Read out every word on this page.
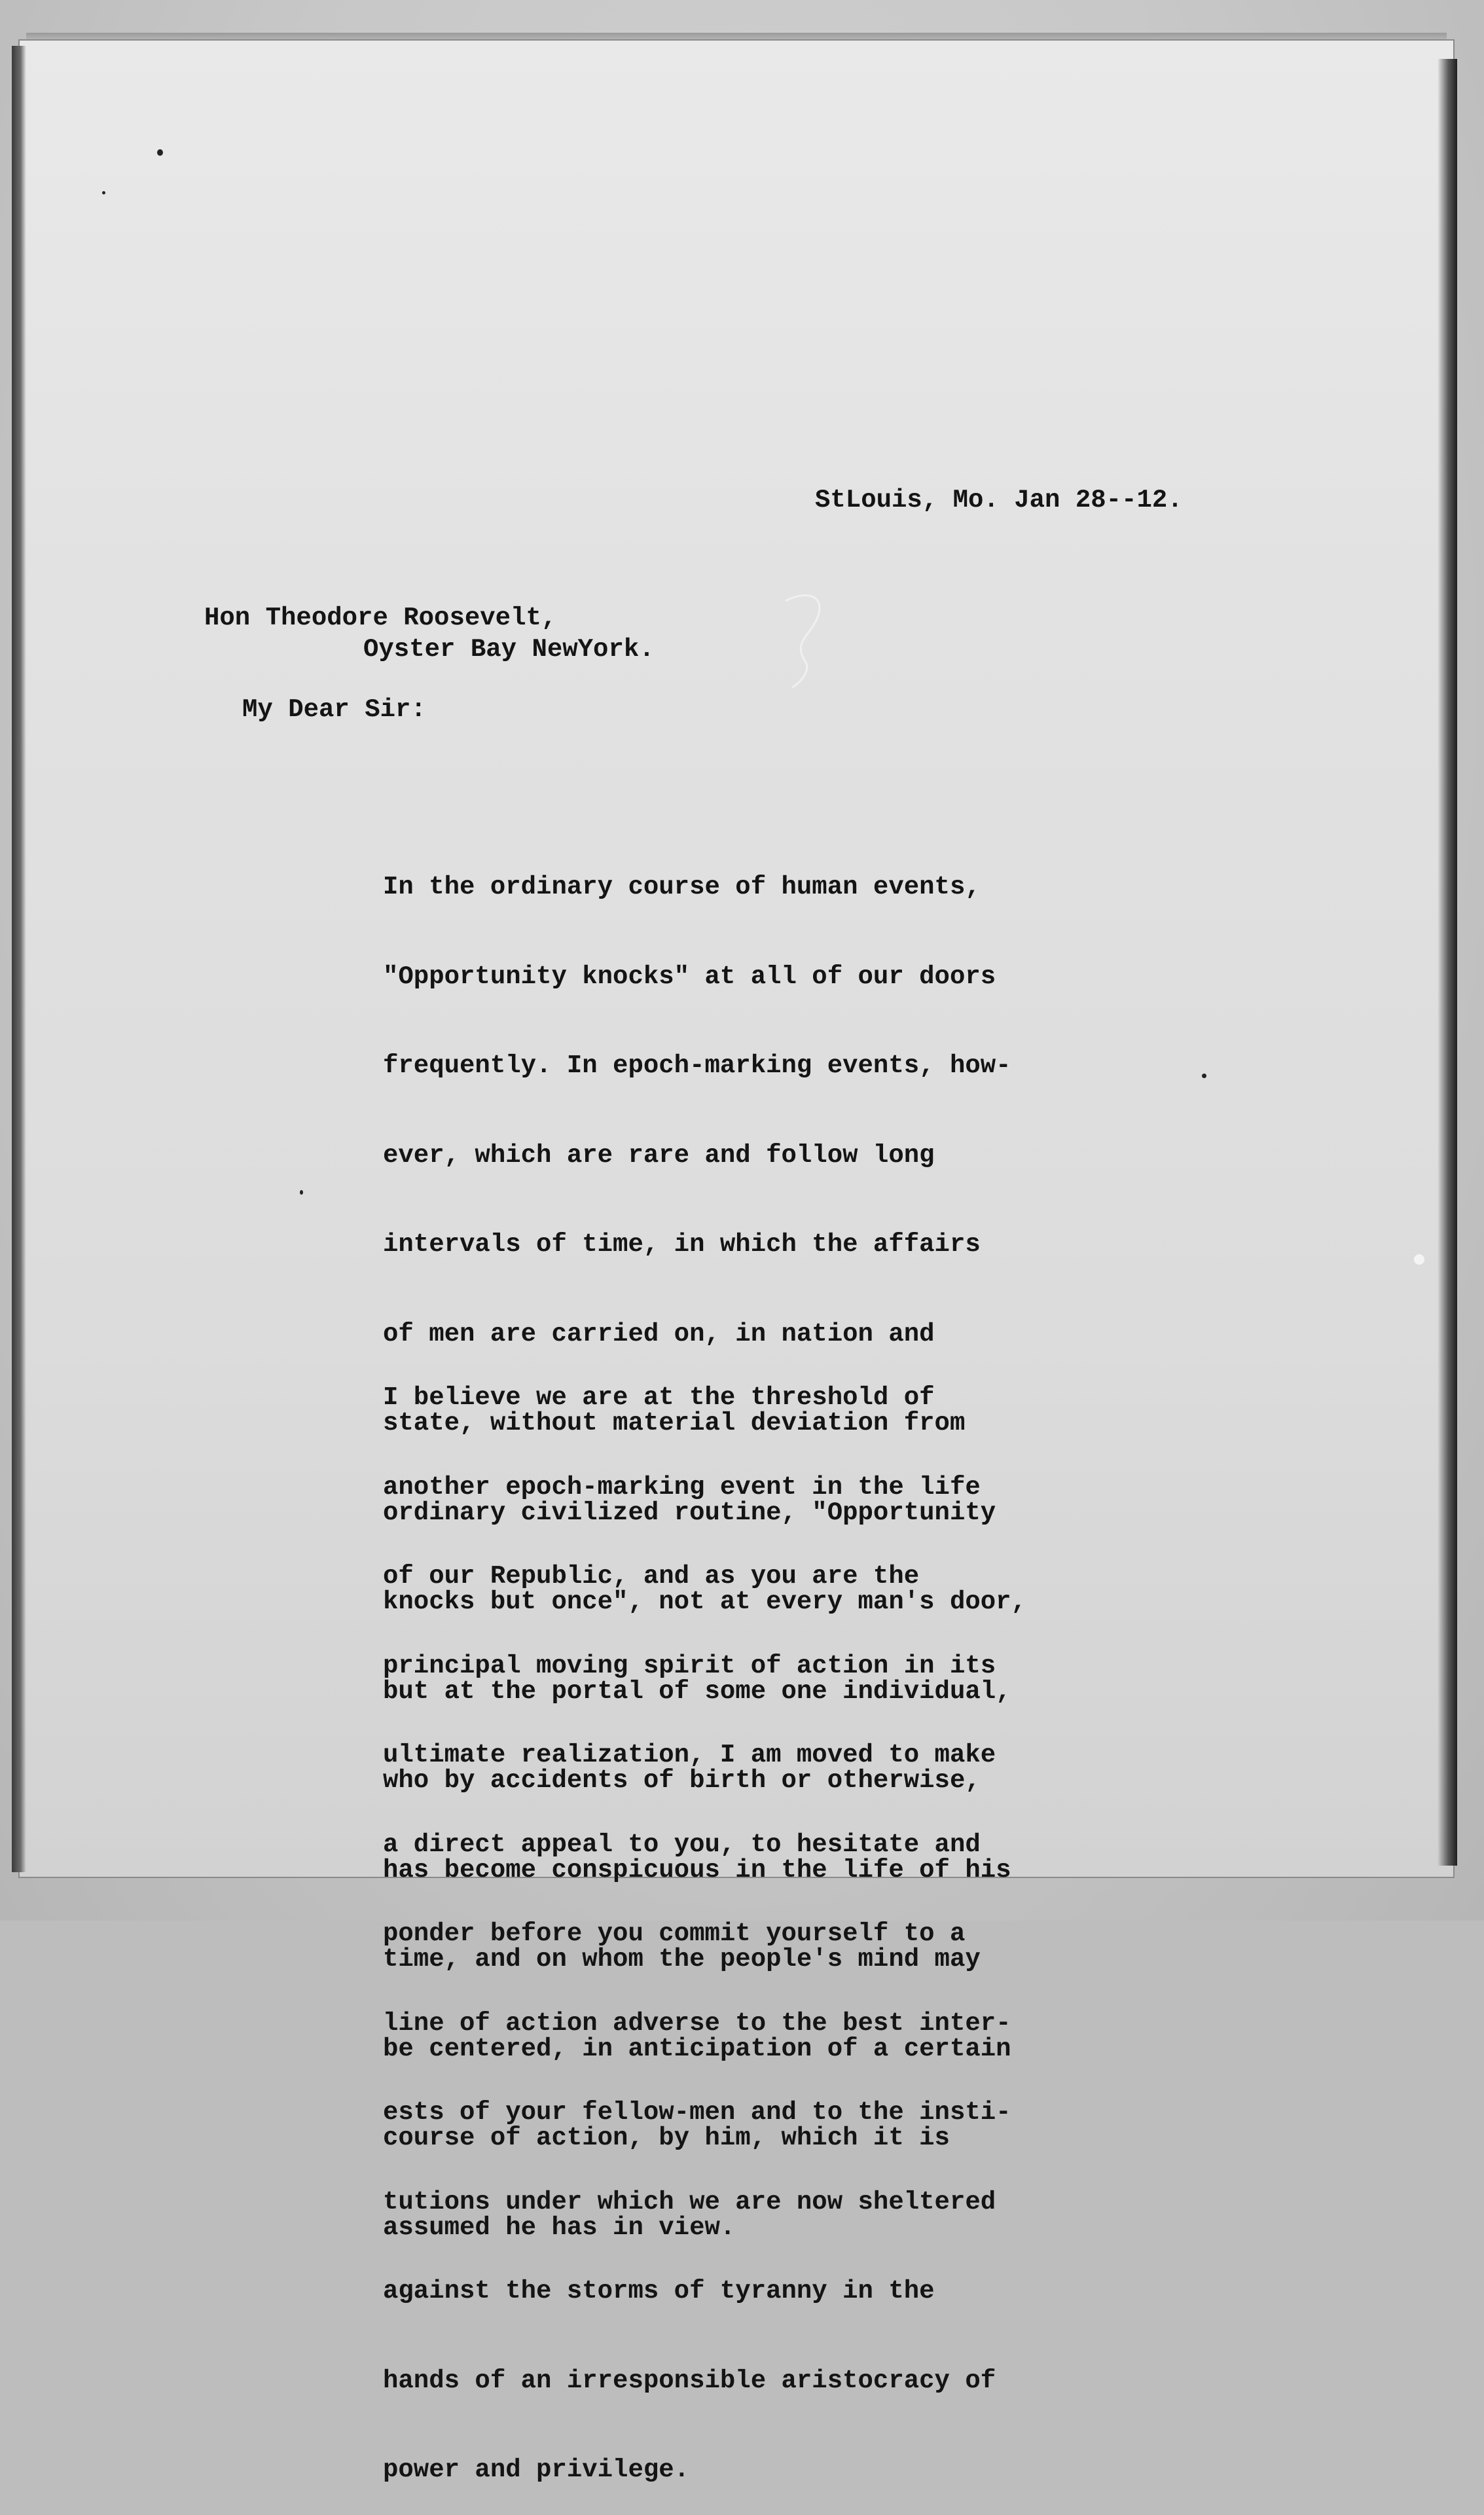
StLouis, Mo. Jan 28--12.
Hon Theodore Roosevelt,
Oyster Bay NewYork.
My Dear Sir:

In the ordinary course of human events,

"Opportunity knocks" at all of our doors

frequently. In epoch-marking events, how-

ever, which are rare and follow long

intervals of time, in which the affairs

of men are carried on, in nation and

state, without material deviation from

ordinary civilized routine, "Opportunity

knocks but once", not at every man's door,

but at the portal of some one individual,

who by accidents of birth or otherwise,

has become conspicuous in the life of his

time, and on whom the people's mind may

be centered, in anticipation of a certain

course of action, by him, which it is

assumed he has in view.

I believe we are at the threshold of

another epoch-marking event in the life

of our Republic, and as you are the

principal moving spirit of action in its

ultimate realization, I am moved to make

a direct appeal to you, to hesitate and

ponder before you commit yourself to a

line of action adverse to the best inter-

ests of your fellow-men and to the insti-

tutions under which we are now sheltered

against the storms of tyranny in the

hands of an irresponsible aristocracy of

power and privilege.
